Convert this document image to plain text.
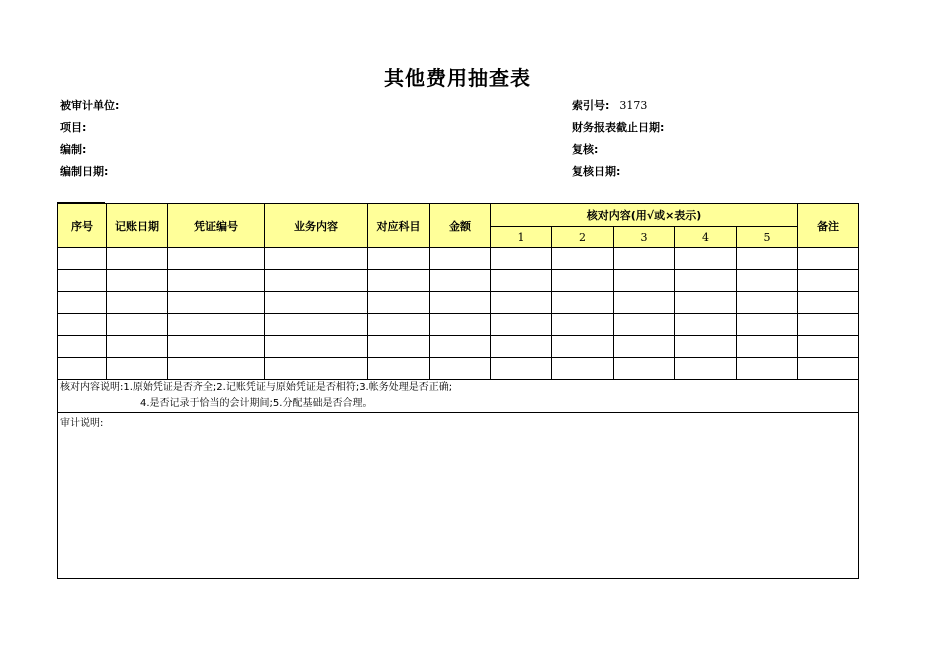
其他费用抽查表
被审计单位:
项目:
编制:
编制日期:
索引号: 3173
财务报表截止日期:
复核:
复核日期:
序号	记账日期	凭证编号	业务内容	对应科目	金额	核对内容(用√或×表示)					备注
						1	2	3	4	5	

核对内容说明:1.原始凭证是否齐全;2.记账凭证与原始凭证是否相符;3.帐务处理是否正确;
4.是否记录于恰当的会计期间;5.分配基础是否合理。											

审计说明:											
